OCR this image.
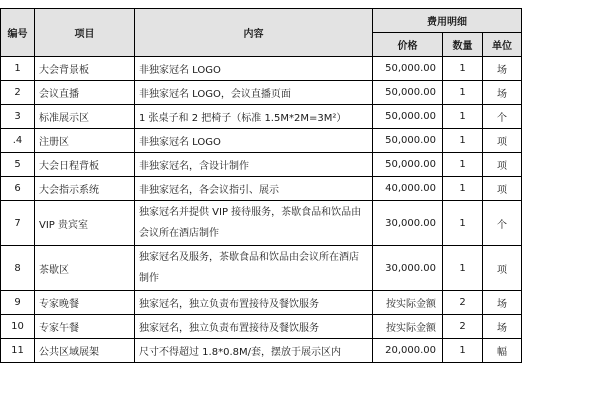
编号	项目	内容	费用明细		
			价格	数量	单位
1	大会背景板	非独家冠名 LOGO	50,000.00	1	场
2	会议直播	非独家冠名 LOGO，会议直播页面	50,000.00	1	场
3	标准展示区	1 张桌子和 2 把椅子（标准 1.5M*2M=3M²）	50,000.00	1	个
.4	注册区	非独家冠名 LOGO	50,000.00	1	项
5	大会日程背板	非独家冠名，含设计制作	50,000.00	1	项
6	大会指示系统	非独家冠名，各会议指引、展示	40,000.00	1	项
7	VIP 贵宾室	独家冠名并提供 VIP 接待服务，茶歇食品和饮品由会议所在酒店制作	30,000.00	1	个
8	茶歇区	独家冠名及服务，茶歇食品和饮品由会议所在酒店制作	30,000.00	1	项
9	专家晚餐	独家冠名，独立负责布置接待及餐饮服务	按实际金额	2	场
10	专家午餐	独家冠名，独立负责布置接待及餐饮服务	按实际金额	2	场
11	公共区域展架	尺寸不得超过 1.8*0.8M/套，摆放于展示区内	20,000.00	1	幅
